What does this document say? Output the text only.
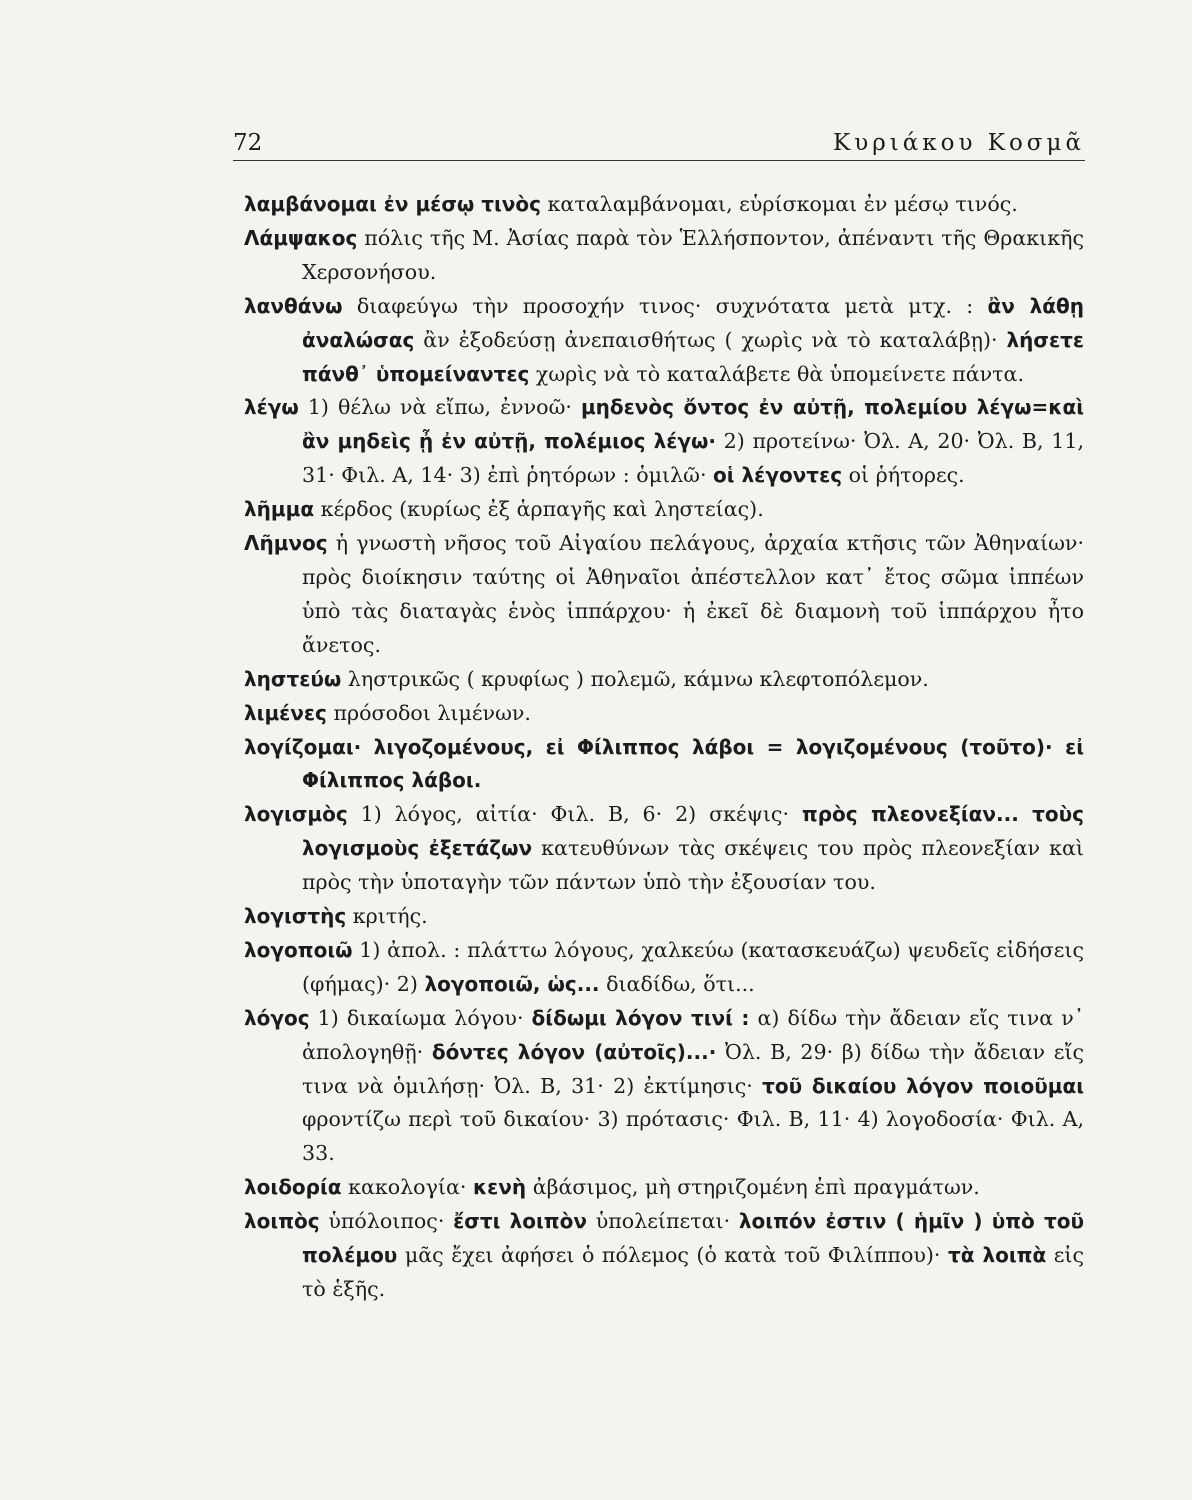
72	Κυριάκου Κοσμᾶ

λαμβάνομαι ἐν μέσῳ τινὸς καταλαμβάνομαι, εὑρίσκομαι ἐν μέσῳ τινός.

Λάμψακος πόλις τῆς Μ. Ἀσίας παρὰ τὸν Ἑλλήσποντον, ἀπέναντι τῆς Θρακικῆς Χερσονήσου.

λανθάνω διαφεύγω τὴν προσοχήν τινος· συχνότατα μετὰ μτχ. : ἂν λάθῃ ἀναλώσας ἂν ἐξοδεύσῃ ἀνεπαισθήτως ( χωρὶς νὰ τὸ καταλάβῃ)· λήσετε πάνθ᾽ ὑπομείναντες χωρὶς νὰ τὸ καταλάβετε θὰ ὑπομείνετε πάντα.

λέγω 1) θέλω νὰ εἴπω, ἐννοῶ· μηδενὸς ὄντος ἐν αὐτῇ, πολεμίου λέγω=καὶ ἂν μηδεὶς ᾖ ἐν αὐτῇ, πολέμιος λέγω· 2) προτείνω· Ὀλ. Α, 20· Ὀλ. Β, 11, 31· Φιλ. Α, 14· 3) ἐπὶ ῥητόρων : ὁμιλῶ· οἱ λέγοντες οἱ ῥήτορες.

λῆμμα κέρδος (κυρίως ἐξ ἁρπαγῆς καὶ ληστείας).

Λῆμνος ἡ γνωστὴ νῆσος τοῦ Αἰγαίου πελάγους, ἀρχαία κτῆσις τῶν Ἀθηναίων· πρὸς διοίκησιν ταύτης οἱ Ἀθηναῖοι ἀπέστελλον κατ᾽ ἔτος σῶμα ἱππέων ὑπὸ τὰς διαταγὰς ἑνὸς ἱππάρχου· ἡ ἐκεῖ δὲ διαμονὴ τοῦ ἱππάρχου ἦτο ἄνετος.

ληστεύω ληστρικῶς ( κρυφίως ) πολεμῶ, κάμνω κλεφτοπόλεμον.

λιμένες πρόσοδοι λιμένων.

λογίζομαι· λιγοζομένους, εἰ Φίλιππος λάβοι = λογιζομένους (τοῦτο)· εἰ Φίλιππος λάβοι.

λογισμὸς 1) λόγος, αἰτία· Φιλ. Β, 6· 2) σκέψις· πρὸς πλεονεξίαν... τοὺς λογισμοὺς ἐξετάζων κατευθύνων τὰς σκέψεις του πρὸς πλεονεξίαν καὶ πρὸς τὴν ὑποταγὴν τῶν πάντων ὑπὸ τὴν ἐξουσίαν του.

λογιστὴς κριτής.

λογοποιῶ 1) ἀπολ. : πλάττω λόγους, χαλκεύω (κατασκευάζω) ψευδεῖς εἰδήσεις (φήμας)· 2) λογοποιῶ, ὡς... διαδίδω, ὅτι...

λόγος 1) δικαίωμα λόγου· δίδωμι λόγον τινί : α) δίδω τὴν ἄδειαν εἴς τινα ν᾽ ἀπολογηθῇ· δόντες λόγον (αὐτοῖς)...· Ὀλ. Β, 29· β) δίδω τὴν ἄδειαν εἴς τινα νὰ ὁμιλήσῃ· Ὀλ. Β, 31· 2) ἐκτίμησις· τοῦ δικαίου λόγον ποιοῦμαι φροντίζω περὶ τοῦ δικαίου· 3) πρότασις· Φιλ. Β, 11· 4) λογοδοσία· Φιλ. Α, 33.

λοιδορία κακολογία· κενὴ ἀβάσιμος, μὴ στηριζομένη ἐπὶ πραγμάτων.

λοιπὸς ὑπόλοιπος· ἔστι λοιπὸν ὑπολείπεται· λοιπόν ἐστιν ( ἡμῖν ) ὑπὸ τοῦ πολέμου μᾶς ἔχει ἀφήσει ὁ πόλεμος (ὁ κατὰ τοῦ Φιλίππου)· τὰ λοιπὰ εἰς τὸ ἑξῆς.
